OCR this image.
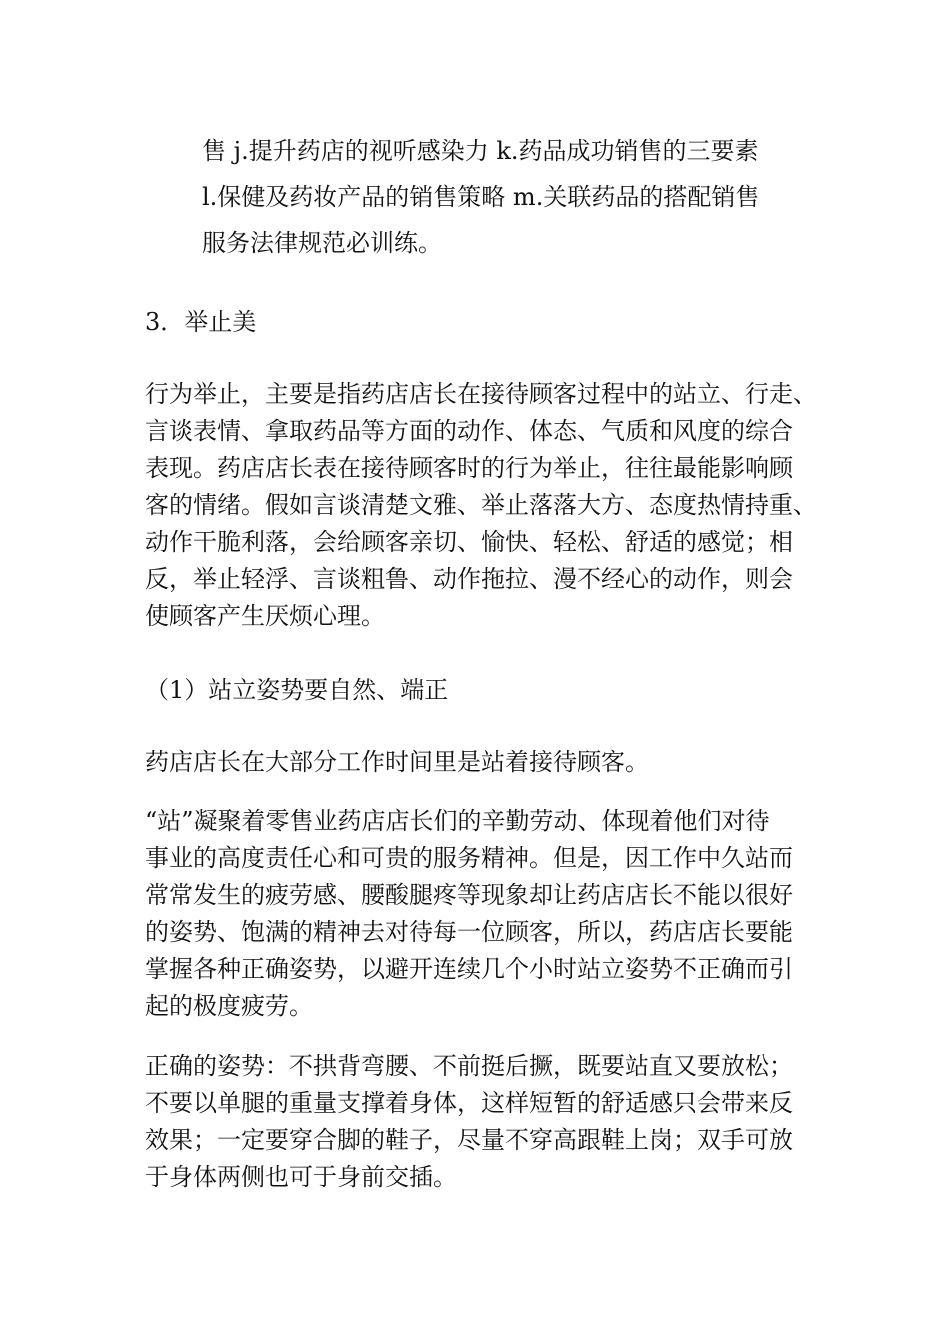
售 j.提升药店的视听感染力 k.药品成功销售的三要素

l.保健及药妆产品的销售策略 m.关联药品的搭配销售

服务法律规范必训练。

3．举止美

行为举止，主要是指药店店长在接待顾客过程中的站立、行走、

言谈表情、拿取药品等方面的动作、体态、气质和风度的综合

表现。药店店长表在接待顾客时的行为举止，往往最能影响顾

客的情绪。假如言谈清楚文雅、举止落落大方、态度热情持重、

动作干脆利落，会给顾客亲切、愉快、轻松、舒适的感觉；相

反，举止轻浮、言谈粗鲁、动作拖拉、漫不经心的动作，则会

使顾客产生厌烦心理。

（1）站立姿势要自然、端正

药店店长在大部分工作时间里是站着接待顾客。

“站”凝聚着零售业药店店长们的辛勤劳动、体现着他们对待

事业的高度责任心和可贵的服务精神。但是，因工作中久站而

常常发生的疲劳感、腰酸腿疼等现象却让药店店长不能以很好

的姿势、饱满的精神去对待每一位顾客，所以，药店店长要能

掌握各种正确姿势，以避开连续几个小时站立姿势不正确而引

起的极度疲劳。

正确的姿势：不拱背弯腰、不前挺后撅，既要站直又要放松；

不要以单腿的重量支撑着身体，这样短暂的舒适感只会带来反

效果；一定要穿合脚的鞋子，尽量不穿高跟鞋上岗；双手可放

于身体两侧也可于身前交插。
